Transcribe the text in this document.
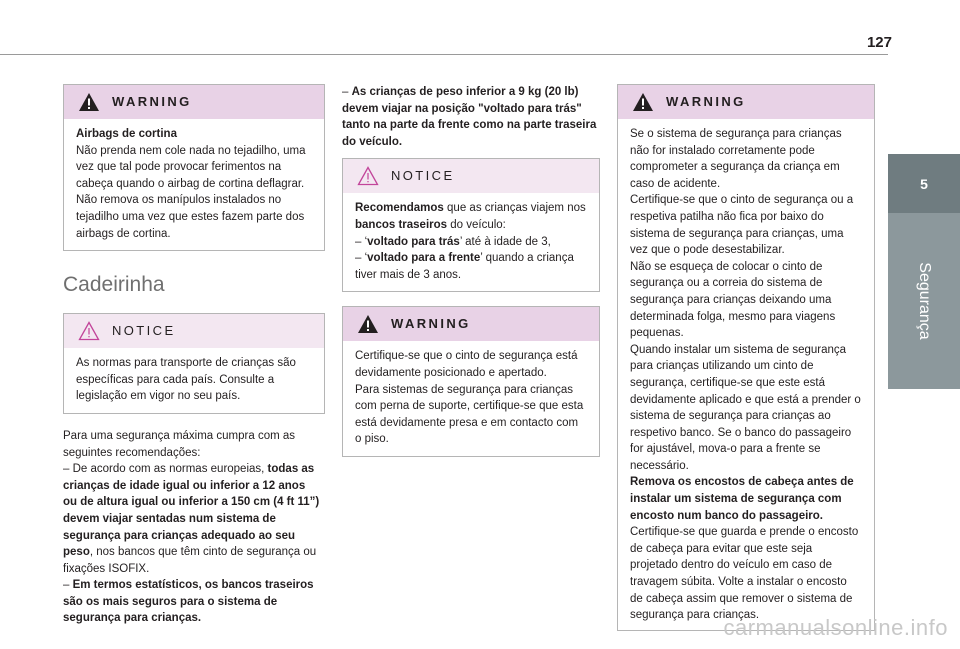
127
5
Segurança
WARNING

Airbags de cortina

Não prenda nem cole nada no tejadilho, uma vez que tal pode provocar ferimentos na cabeça quando o airbag de cortina deflagrar.

Não remova os manípulos instalados no tejadilho uma vez que estes fazem parte dos airbags de cortina.

Cadeirinha
NOTICE

As normas para transporte de crianças são específicas para cada país. Consulte a legislação em vigor no seu país.

Para uma segurança máxima cumpra com as seguintes recomendações:

– De acordo com as normas europeias, todas as crianças de idade igual ou inferior a 12 anos ou de altura igual ou inferior a 150 cm (4 ft 11”) devem viajar sentadas num sistema de segurança para crianças adequado ao seu peso, nos bancos que têm cinto de segurança ou fixações ISOFIX.

– Em termos estatísticos, os bancos traseiros são os mais seguros para o sistema de segurança para crianças.

– As crianças de peso inferior a 9 kg (20 lb) devem viajar na posição "voltado para trás" tanto na parte da frente como na parte traseira do veículo.

NOTICE

Recomendamos que as crianças viajem nos bancos traseiros do veículo:

– ‘voltado para trás’ até à idade de 3,

– ‘voltado para a frente’ quando a criança tiver mais de 3 anos.

WARNING

Certifique-se que o cinto de segurança está devidamente posicionado e apertado.

Para sistemas de segurança para crianças com perna de suporte, certifique-se que esta está devidamente presa e em contacto com o piso.

WARNING

Se o sistema de segurança para crianças não for instalado corretamente pode comprometer a segurança da criança em caso de acidente.

Certifique-se que o cinto de segurança ou a respetiva patilha não fica por baixo do sistema de segurança para crianças, uma vez que o pode desestabilizar.

Não se esqueça de colocar o cinto de segurança ou a correia do sistema de segurança para crianças deixando uma determinada folga, mesmo para viagens pequenas.

Quando instalar um sistema de segurança para crianças utilizando um cinto de segurança, certifique-se que este está devidamente aplicado e que está a prender o sistema de segurança para crianças ao respetivo banco. Se o banco do passageiro for ajustável, mova-o para a frente se necessário.

Remova os encostos de cabeça antes de instalar um sistema de segurança com encosto num banco do passageiro.

Certifique-se que guarda e prende o encosto de cabeça para evitar que este seja projetado dentro do veículo em caso de travagem súbita. Volte a instalar o encosto de cabeça assim que remover o sistema de segurança para crianças.

carmanualsonline.info
